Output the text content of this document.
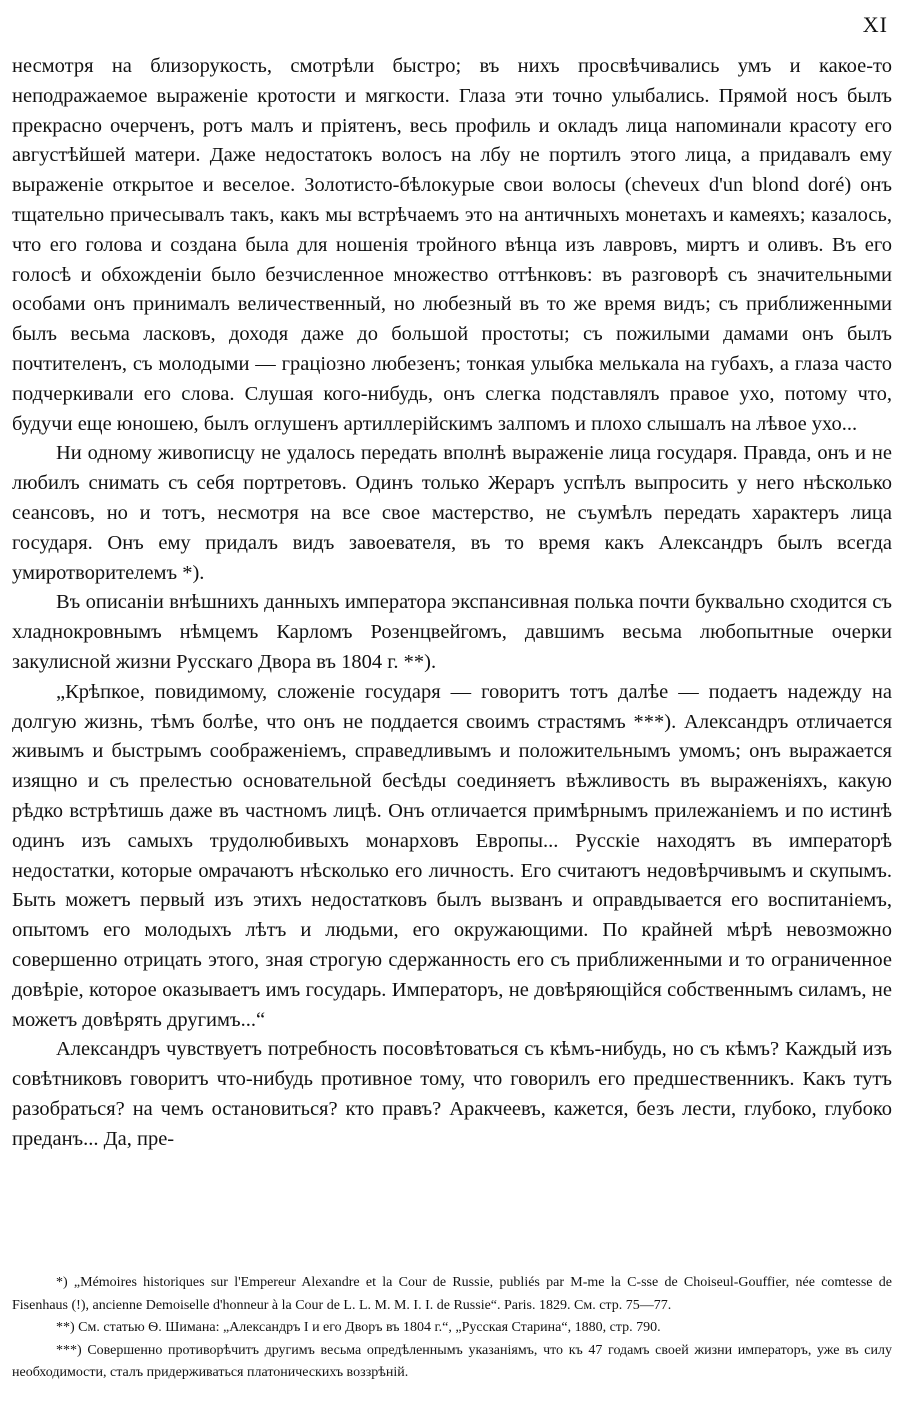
XI

несмотря на близорукость, смотрѣли быстро; въ нихъ просвѣчивались умъ и какое-то неподражаемое выраженіе кротости и мягкости. Глаза эти точно улыбались. Прямой носъ былъ прекрасно очерченъ, ротъ малъ и пріятенъ, весь профиль и окладъ лица напоминали красоту его августѣйшей матери. Даже недостатокъ волосъ на лбу не портилъ этого лица, а придавалъ ему выраженіе открытое и веселое. Золотисто-бѣлокурые свои волосы (cheveux d'un blond doré) онъ тщательно причесывалъ такъ, какъ мы встрѣчаемъ это на античныхъ монетахъ и камеяхъ; казалось, что его голова и создана была для ношенія тройного вѣнца изъ лавровъ, миртъ и оливъ. Въ его голосѣ и обхожденіи было безчисленное множество оттѣнковъ: въ разговорѣ съ значительными особами онъ принималъ величественный, но любезный въ то же время видъ; съ приближенными былъ весьма ласковъ, доходя даже до большой простоты; съ пожилыми дамами онъ былъ почтителенъ, съ молодыми — граціозно любезенъ; тонкая улыбка мелькала на губахъ, а глаза часто подчеркивали его слова. Слушая кого-нибудь, онъ слегка подставлялъ правое ухо, потому что, будучи еще юношею, былъ оглушенъ артиллерійскимъ залпомъ и плохо слышалъ на лѣвое ухо...

Ни одному живописцу не удалось передать вполнѣ выраженіе лица государя. Правда, онъ и не любилъ снимать съ себя портретовъ. Одинъ только Жераръ успѣлъ выпросить у него нѣсколько сеансовъ, но и тотъ, несмотря на все свое мастерство, не съумѣлъ передать характеръ лица государя. Онъ ему придалъ видъ завоевателя, въ то время какъ Александръ былъ всегда умиротворителемъ *).

Въ описаніи внѣшнихъ данныхъ императора экспансивная полька почти буквально сходится съ хладнокровнымъ нѣмцемъ Карломъ Розенцвейгомъ, давшимъ весьма любопытные очерки закулисной жизни Русскаго Двора въ 1804 г. **).

„Крѣпкое, повидимому, сложеніе государя — говоритъ тотъ далѣе — подаетъ надежду на долгую жизнь, тѣмъ болѣе, что онъ не поддается своимъ страстямъ ***). Александръ отличается живымъ и быстрымъ соображеніемъ, справедливымъ и положительнымъ умомъ; онъ выражается изящно и съ прелестью основательной бесѣды соединяетъ вѣжливость въ выраженіяхъ, какую рѣдко встрѣтишь даже въ частномъ лицѣ. Онъ отличается примѣрнымъ прилежаніемъ и по истинѣ одинъ изъ самыхъ трудолюбивыхъ монарховъ Европы... Русскіе находятъ въ императорѣ недостатки, которые омрачаютъ нѣсколько его личность. Его считаютъ недовѣрчивымъ и скупымъ. Быть можетъ первый изъ этихъ недостатковъ былъ вызванъ и оправдывается его воспитаніемъ, опытомъ его молодыхъ лѣтъ и людьми, его окружающими. По крайней мѣрѣ невозможно совершенно отрицать этого, зная строгую сдержанность его съ приближенными и то ограниченное довѣріе, которое оказываетъ имъ государь. Императоръ, не довѣряющійся собственнымъ силамъ, не можетъ довѣрять другимъ...“

Александръ чувствуетъ потребность посовѣтоваться съ кѣмъ-нибудь, но съ кѣмъ? Каждый изъ совѣтниковъ говоритъ что-нибудь противное тому, что говорилъ его предшественникъ. Какъ тутъ разобраться? на чемъ остановиться? кто правъ? Аракчеевъ, кажется, безъ лести, глубоко, глубоко преданъ... Да, пре-

*) „Mémoires historiques sur l'Empereur Alexandre et la Cour de Russie, publiés par M-me la C-sse de Choiseul-Gouffier, née comtesse de Fisenhaus (!), ancienne Demoiselle d'honneur à la Cour de L. L. M. M. I. I. de Russie“. Paris. 1829. См. стр. 75—77.

**) См. статью Ѳ. Шимана: „Александръ I и его Дворъ въ 1804 г.“, „Русская Старина“, 1880, стр. 790.

***) Совершенно противорѣчитъ другимъ весьма опредѣленнымъ указаніямъ, что къ 47 годамъ своей жизни императоръ, уже въ силу необходимости, сталъ придерживаться платоническихъ воззрѣній.
